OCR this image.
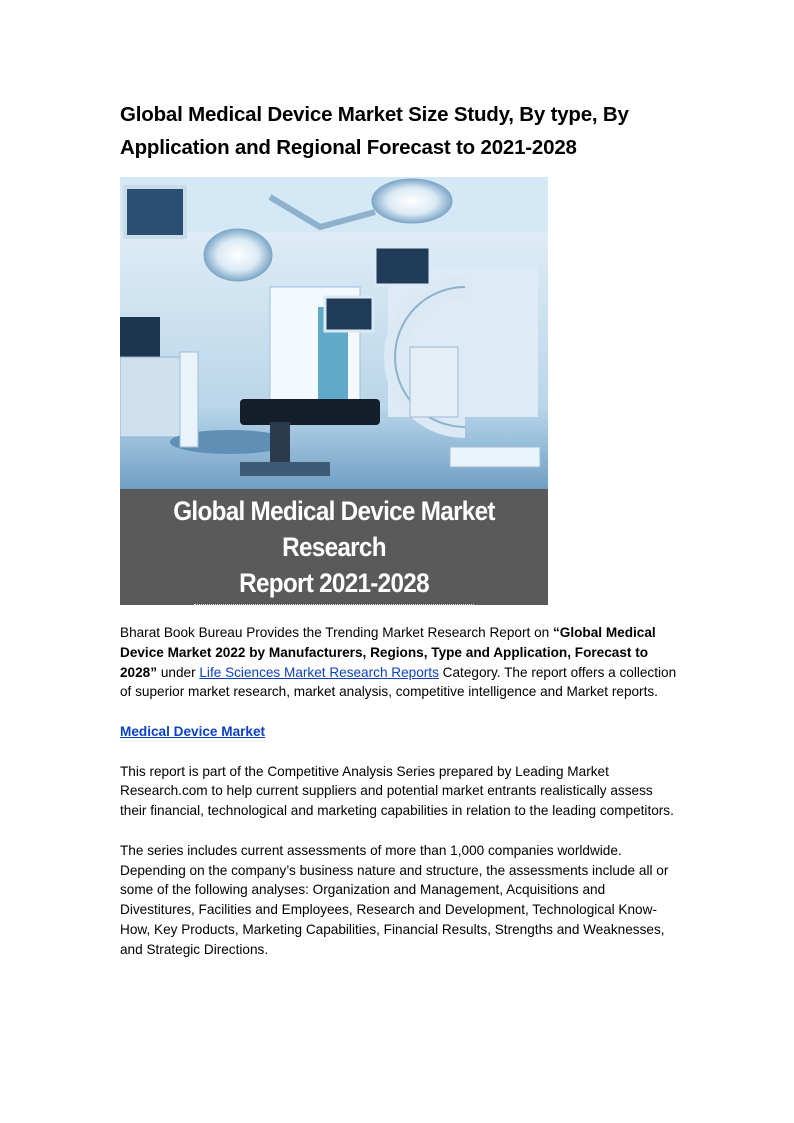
Global Medical Device Market Size Study, By type, By Application and Regional Forecast to 2021-2028
Global Medical Device Market Research
Report 2021-2028

Bharat Book Bureau Provides the Trending Market Research Report on “Global Medical Device Market 2022 by Manufacturers, Regions, Type and Application, Forecast to 2028” under Life Sciences Market Research Reports Category. The report offers a collection of superior market research, market analysis, competitive intelligence and Market reports.

Medical Device Market

This report is part of the Competitive Analysis Series prepared by Leading Market Research.com to help current suppliers and potential market entrants realistically assess their financial, technological and marketing capabilities in relation to the leading competitors.

The series includes current assessments of more than 1,000 companies worldwide. Depending on the company’s business nature and structure, the assessments include all or some of the following analyses: Organization and Management, Acquisitions and Divestitures, Facilities and Employees, Research and Development, Technological Know-How, Key Products, Marketing Capabilities, Financial Results, Strengths and Weaknesses, and Strategic Directions.
